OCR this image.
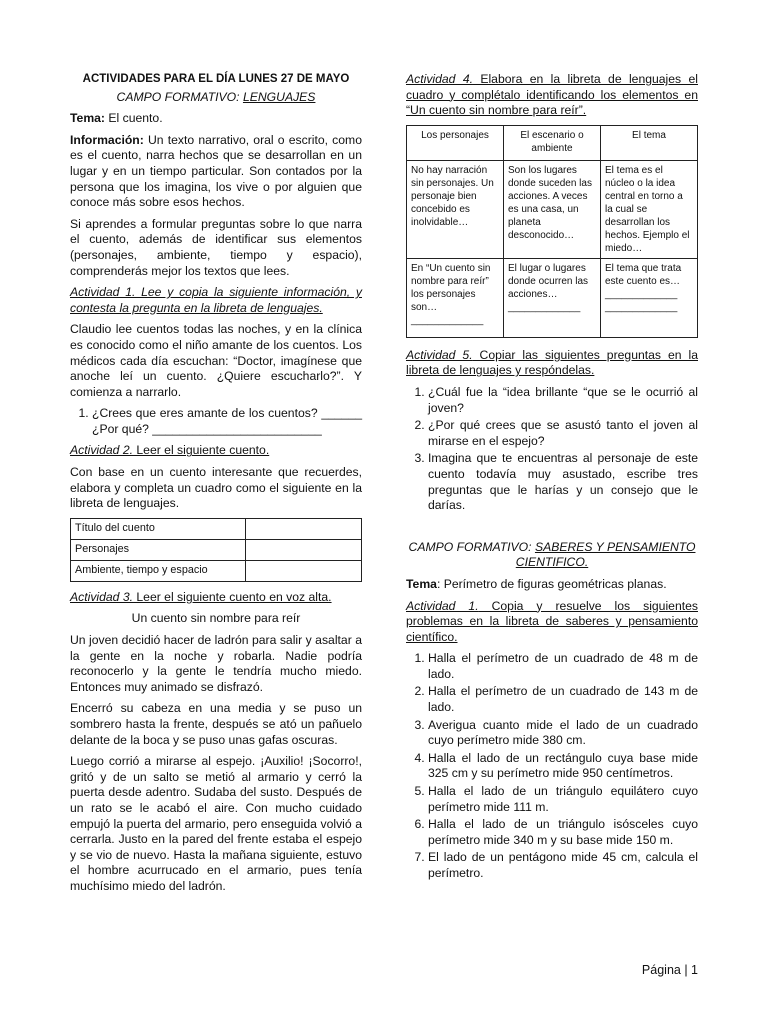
ACTIVIDADES PARA EL DÍA LUNES 27 DE MAYO

CAMPO FORMATIVO: LENGUAJES

Tema: El cuento.

Información: Un texto narrativo, oral o escrito, como es el cuento, narra hechos que se desarrollan en un lugar y en un tiempo particular. Son contados por la persona que los imagina, los vive o por alguien que conoce más sobre esos hechos.

Si aprendes a formular preguntas sobre lo que narra el cuento, además de identificar sus elementos (personajes, ambiente, tiempo y espacio), comprenderás mejor los textos que lees.

Actividad 1. Lee y copia la siguiente información, y contesta la pregunta en la libreta de lenguajes.

Claudio lee cuentos todas las noches, y en la clínica es conocido como el niño amante de los cuentos. Los médicos cada día escuchan: “Doctor, imagínese que anoche leí un cuento. ¿Quiere escucharlo?”. Y comienza a narrarlo.

1. ¿Crees que eres amante de los cuentos? ______ ¿Por qué? _________________________

Actividad 2. Leer el siguiente cuento.

Con base en un cuento interesante que recuerdes, elabora y completa un cuadro como el siguiente en la libreta de lenguajes.

Título del cuento	
Personajes	
Ambiente, tiempo y espacio	

Actividad 3. Leer el siguiente cuento en voz alta.

Un cuento sin nombre para reír

Un joven decidió hacer de ladrón para salir y asaltar a la gente en la noche y robarla. Nadie podría reconocerlo y la gente le tendría mucho miedo. Entonces muy animado se disfrazó.

Encerró su cabeza en una media y se puso un sombrero hasta la frente, después se ató un pañuelo delante de la boca y se puso unas gafas oscuras.

Luego corrió a mirarse al espejo. ¡Auxilio! ¡Socorro!, gritó y de un salto se metió al armario y cerró la puerta desde adentro. Sudaba del susto. Después de un rato se le acabó el aire. Con mucho cuidado empujó la puerta del armario, pero enseguida volvió a cerrarla. Justo en la pared del frente estaba el espejo y se vio de nuevo. Hasta la mañana siguiente, estuvo el hombre acurrucado en el armario, pues tenía muchísimo miedo del ladrón.

Actividad 4. Elabora en la libreta de lenguajes el cuadro y complétalo identificando los elementos en “Un cuento sin nombre para reír”.

Los personajes	El escenario o ambiente	El tema
No hay narración sin personajes. Un personaje bien concebido es inolvidable…	Son los lugares donde suceden las acciones. A veces es una casa, un planeta desconocido…	El tema es el núcleo o la idea central en torno a la cual se desarrollan los hechos. Ejemplo el miedo…
En “Un cuento sin nombre para reír” los personajes son… _____________	El lugar o lugares donde ocurren las acciones… _____________	El tema que trata este cuento es… _____________ _____________

Actividad 5. Copiar las siguientes preguntas en la libreta de lenguajes y respóndelas.

1. ¿Cuál fue la “idea brillante “que se le ocurrió al joven?
2. ¿Por qué crees que se asustó tanto el joven al mirarse en el espejo?
3. Imagina que te encuentras al personaje de este cuento todavía muy asustado, escribe tres preguntas que le harías y un consejo que le darías.

CAMPO FORMATIVO: SABERES Y PENSAMIENTO CIENTIFICO.

Tema: Perímetro de figuras geométricas planas.

Actividad 1. Copia y resuelve los siguientes problemas en la libreta de saberes y pensamiento científico.

1. Halla el perímetro de un cuadrado de 48 m de lado.
2. Halla el perímetro de un cuadrado de 143 m de lado.
3. Averigua cuanto mide el lado de un cuadrado cuyo perímetro mide 380 cm.
4. Halla el lado de un rectángulo cuya base mide 325 cm y su perímetro mide 950 centímetros.
5. Halla el lado de un triángulo equilátero cuyo perímetro mide 111 m.
6. Halla el lado de un triángulo isósceles cuyo perímetro mide 340 m y su base mide 150 m.
7. El lado de un pentágono mide 45 cm, calcula el perímetro.
Página | 1
